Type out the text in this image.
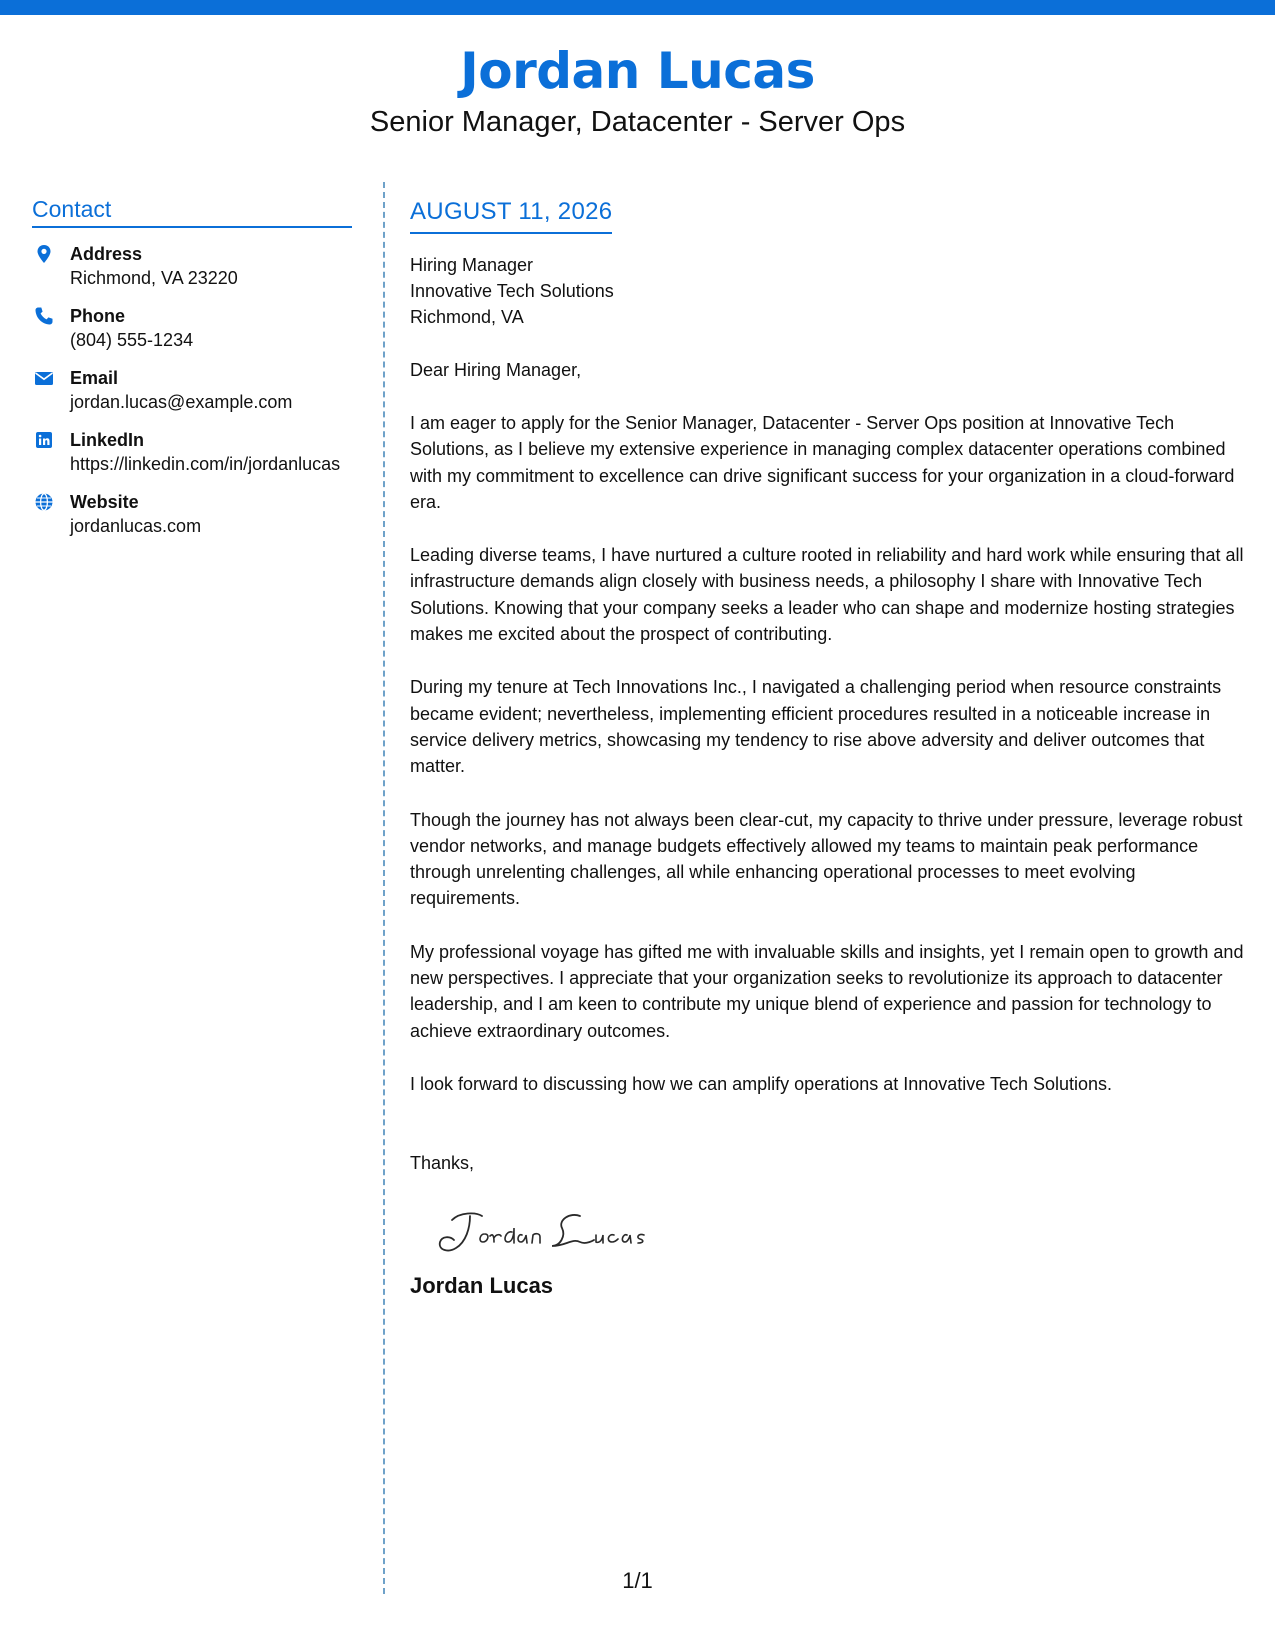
Jordan Lucas
Senior Manager, Datacenter - Server Ops
Contact
Address
Richmond, VA 23220
Phone
(804) 555-1234
Email
jordan.lucas@example.com
LinkedIn
https://linkedin.com/in/jordanlucas
Website
jordanlucas.com
AUGUST 11, 2026
Hiring Manager
Innovative Tech Solutions
Richmond, VA
Dear Hiring Manager,
I am eager to apply for the Senior Manager, Datacenter - Server Ops position at Innovative Tech Solutions, as I believe my extensive experience in managing complex datacenter operations combined with my commitment to excellence can drive significant success for your organization in a cloud-forward era.
Leading diverse teams, I have nurtured a culture rooted in reliability and hard work while ensuring that all infrastructure demands align closely with business needs, a philosophy I share with Innovative Tech Solutions. Knowing that your company seeks a leader who can shape and modernize hosting strategies makes me excited about the prospect of contributing.
During my tenure at Tech Innovations Inc., I navigated a challenging period when resource constraints became evident; nevertheless, implementing efficient procedures resulted in a noticeable increase in service delivery metrics, showcasing my tendency to rise above adversity and deliver outcomes that matter.
Though the journey has not always been clear-cut, my capacity to thrive under pressure, leverage robust vendor networks, and manage budgets effectively allowed my teams to maintain peak performance through unrelenting challenges, all while enhancing operational processes to meet evolving requirements.
My professional voyage has gifted me with invaluable skills and insights, yet I remain open to growth and new perspectives. I appreciate that your organization seeks to revolutionize its approach to datacenter leadership, and I am keen to contribute my unique blend of experience and passion for technology to achieve extraordinary outcomes.
I look forward to discussing how we can amplify operations at Innovative Tech Solutions.
Thanks,
Jordan Lucas
1/1
